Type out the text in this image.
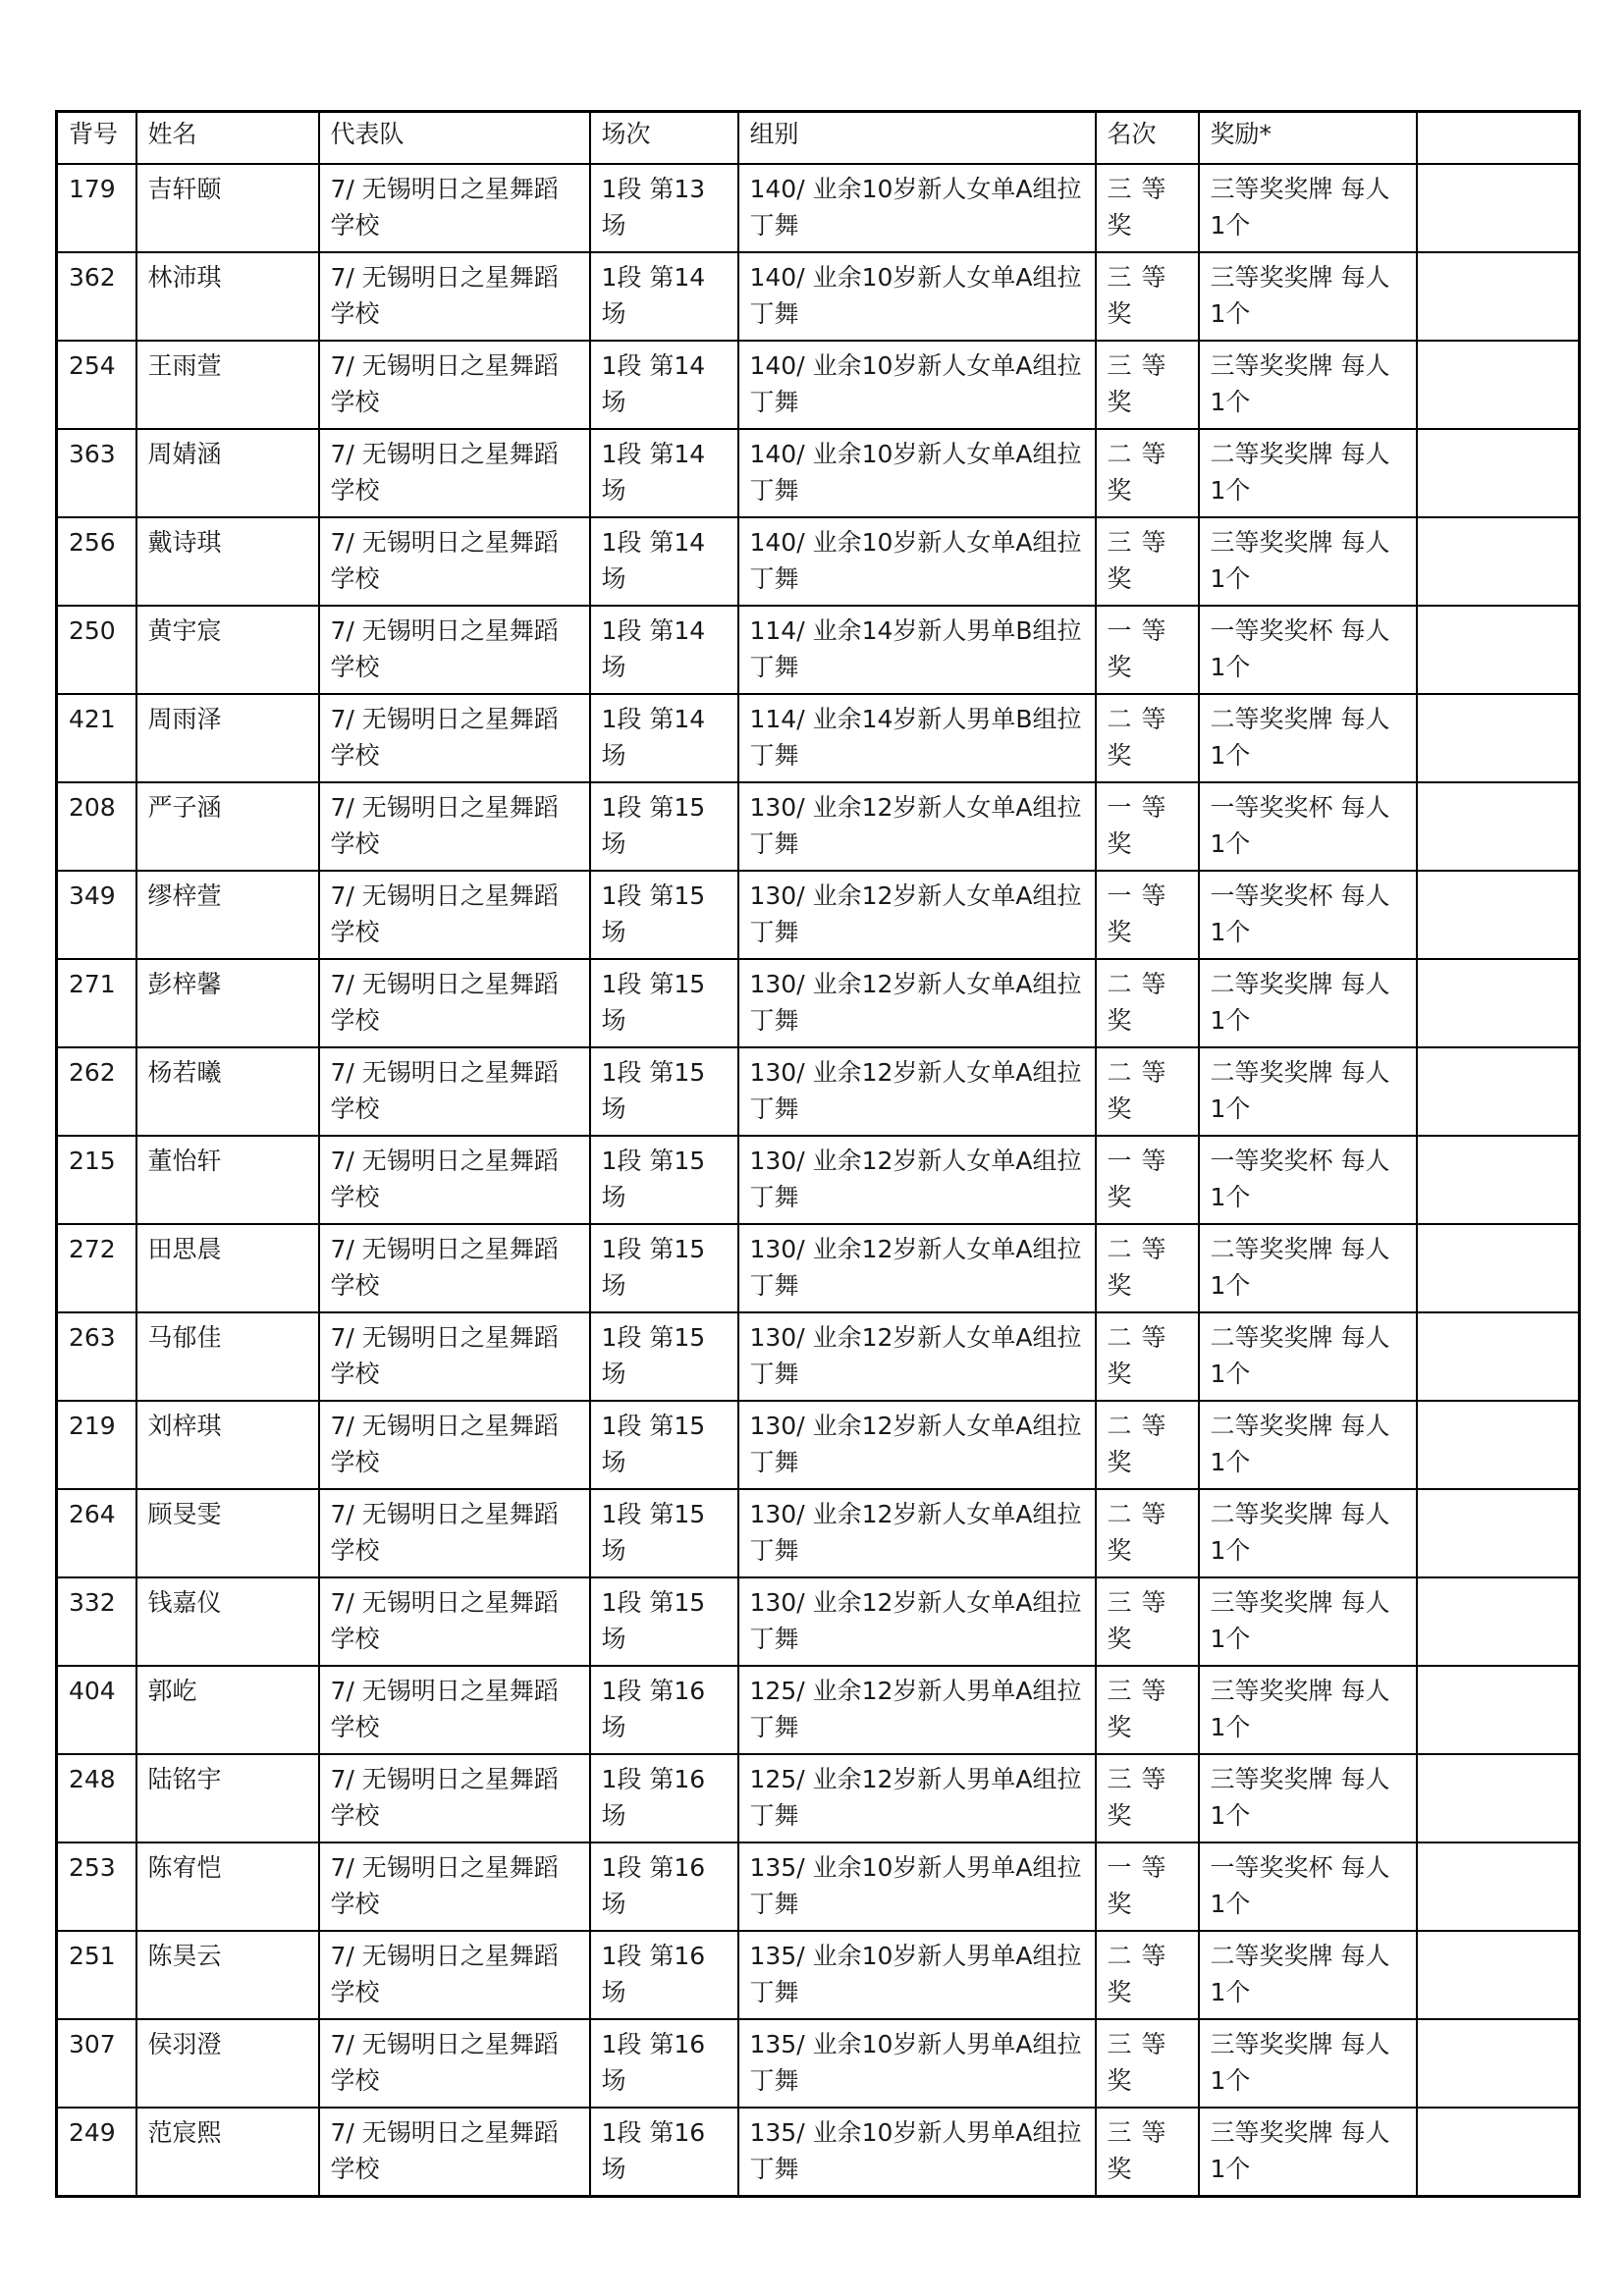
背号	姓名	代表队	场次	组别	名次	奖励*	
179	吉轩颐	7/ 无锡明日之星舞蹈学校	1段 第13场	140/ 业余10岁新人女单A组拉丁舞	三等奖	三等奖奖牌 每人1个	
362	林沛琪	7/ 无锡明日之星舞蹈学校	1段 第14场	140/ 业余10岁新人女单A组拉丁舞	三等奖	三等奖奖牌 每人1个	
254	王雨萱	7/ 无锡明日之星舞蹈学校	1段 第14场	140/ 业余10岁新人女单A组拉丁舞	三等奖	三等奖奖牌 每人1个	
363	周婧涵	7/ 无锡明日之星舞蹈学校	1段 第14场	140/ 业余10岁新人女单A组拉丁舞	二等奖	二等奖奖牌 每人1个	
256	戴诗琪	7/ 无锡明日之星舞蹈学校	1段 第14场	140/ 业余10岁新人女单A组拉丁舞	三等奖	三等奖奖牌 每人1个	
250	黄宇宸	7/ 无锡明日之星舞蹈学校	1段 第14场	114/ 业余14岁新人男单B组拉丁舞	一等奖	一等奖奖杯 每人1个	
421	周雨泽	7/ 无锡明日之星舞蹈学校	1段 第14场	114/ 业余14岁新人男单B组拉丁舞	二等奖	二等奖奖牌 每人1个	
208	严子涵	7/ 无锡明日之星舞蹈学校	1段 第15场	130/ 业余12岁新人女单A组拉丁舞	一等奖	一等奖奖杯 每人1个	
349	缪梓萱	7/ 无锡明日之星舞蹈学校	1段 第15场	130/ 业余12岁新人女单A组拉丁舞	一等奖	一等奖奖杯 每人1个	
271	彭梓馨	7/ 无锡明日之星舞蹈学校	1段 第15场	130/ 业余12岁新人女单A组拉丁舞	二等奖	二等奖奖牌 每人1个	
262	杨若曦	7/ 无锡明日之星舞蹈学校	1段 第15场	130/ 业余12岁新人女单A组拉丁舞	二等奖	二等奖奖牌 每人1个	
215	董怡轩	7/ 无锡明日之星舞蹈学校	1段 第15场	130/ 业余12岁新人女单A组拉丁舞	一等奖	一等奖奖杯 每人1个	
272	田思晨	7/ 无锡明日之星舞蹈学校	1段 第15场	130/ 业余12岁新人女单A组拉丁舞	二等奖	二等奖奖牌 每人1个	
263	马郁佳	7/ 无锡明日之星舞蹈学校	1段 第15场	130/ 业余12岁新人女单A组拉丁舞	二等奖	二等奖奖牌 每人1个	
219	刘梓琪	7/ 无锡明日之星舞蹈学校	1段 第15场	130/ 业余12岁新人女单A组拉丁舞	二等奖	二等奖奖牌 每人1个	
264	顾旻雯	7/ 无锡明日之星舞蹈学校	1段 第15场	130/ 业余12岁新人女单A组拉丁舞	二等奖	二等奖奖牌 每人1个	
332	钱嘉仪	7/ 无锡明日之星舞蹈学校	1段 第15场	130/ 业余12岁新人女单A组拉丁舞	三等奖	三等奖奖牌 每人1个	
404	郭屹	7/ 无锡明日之星舞蹈学校	1段 第16场	125/ 业余12岁新人男单A组拉丁舞	三等奖	三等奖奖牌 每人1个	
248	陆铭宇	7/ 无锡明日之星舞蹈学校	1段 第16场	125/ 业余12岁新人男单A组拉丁舞	三等奖	三等奖奖牌 每人1个	
253	陈宥恺	7/ 无锡明日之星舞蹈学校	1段 第16场	135/ 业余10岁新人男单A组拉丁舞	一等奖	一等奖奖杯 每人1个	
251	陈昊云	7/ 无锡明日之星舞蹈学校	1段 第16场	135/ 业余10岁新人男单A组拉丁舞	二等奖	二等奖奖牌 每人1个	
307	侯羽澄	7/ 无锡明日之星舞蹈学校	1段 第16场	135/ 业余10岁新人男单A组拉丁舞	三等奖	三等奖奖牌 每人1个	
249	范宸熙	7/ 无锡明日之星舞蹈学校	1段 第16场	135/ 业余10岁新人男单A组拉丁舞	三等奖	三等奖奖牌 每人1个	
